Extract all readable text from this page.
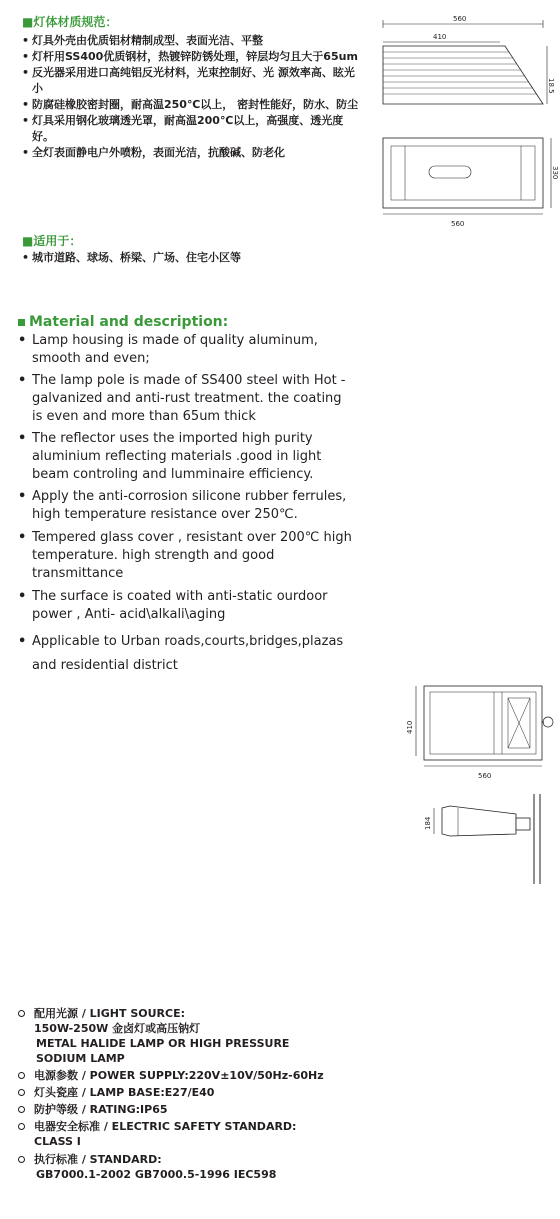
■灯体材质规范：
• 灯具外壳由优质铝材精制成型、表面光洁、平整
• 灯杆用SS400优质钢材，热镀锌防锈处理，锌层均匀且大于65um
• 反光器采用进口高纯铝反光材料，光束控制好、光 源效率高、眩光小
• 防腐硅橡胶密封圈，耐高温250℃以上， 密封性能好，防水、防尘
• 灯具采用钢化玻璃透光罩，耐高温200℃以上，高强度、透光度好。
• 全灯表面静电户外喷粉，表面光洁，抗酸碱、防老化
■适用于：
• 城市道路、球场、桥梁、广场、住宅小区等
Material and description:
• Lamp housing is made of quality aluminum, smooth and even;
• The lamp pole is made of SS400 steel with Hot -galvanized and anti-rust treatment. the coating is even and more than 65um thick
• The reflector uses the imported high purity aluminium reflecting materials .good in light beam controling and lumminaire efficiency.
• Apply the anti-corrosion silicone rubber ferrules, high temperature resistance over 250℃.
• Tempered glass cover , resistant over 200℃ high temperature. high strength and good transmittance
• The surface is coated with anti-static ourdoor power , Anti- acid\alkali\aging
• Applicable to Urban roads,courts,bridges,plazas and residential district
560
410
18.5
330
560
410
560
184
配用光源 / LIGHT SOURCE:
150W-250W 金卤灯或高压钠灯
METAL HALIDE LAMP OR HIGH PRESSURE
SODIUM LAMP
电源参数 / POWER SUPPLY:220V±10V/50Hz-60Hz
灯头瓷座 / LAMP BASE:E27/E40
防护等级 / RATING:IP65
电器安全标准 / ELECTRIC SAFETY STANDARD:
CLASS Ⅰ
执行标准 / STANDARD:
GB7000.1-2002 GB7000.5-1996 IEC598
